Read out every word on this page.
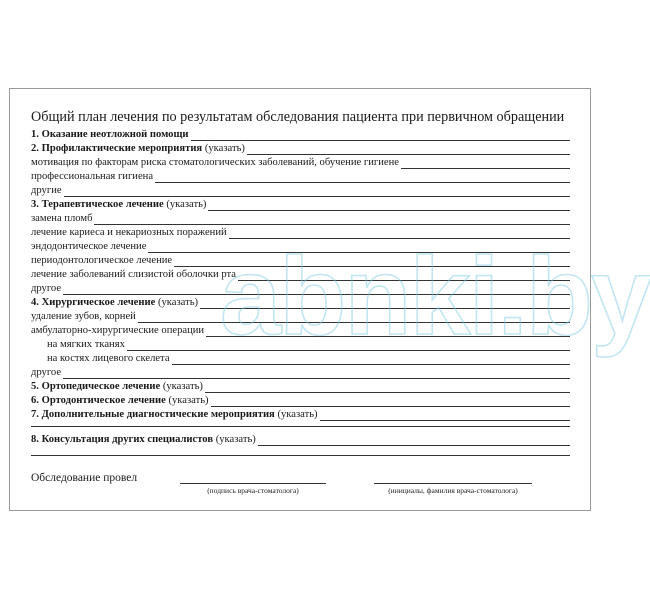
Общий план лечения по результатам обследования пациента при первичном обращении
1. Оказание неотложной помощи
2. Профилактические мероприятия (указать)
мотивация по факторам риска стоматологических заболеваний, обучение гигиене
профессиональная гигиена
другие
3. Терапевтическое лечение (указать)
замена пломб
лечение кариеса и некариозных поражений
эндодонтическое лечение
периодонтологическое лечение
лечение заболеваний слизистой оболочки рта
другое
4. Хирургическое лечение (указать)
удаление зубов, корней
амбулаторно-хирургические операции
на мягких тканях
на костях лицевого скелета
другое
5. Ортопедическое лечение (указать)
6. Ортодонтическое лечение (указать)
7. Дополнительные диагностические мероприятия (указать)
8. Консультация других специалистов (указать)
Обследование провел
(подпись врача-стоматолога)	(инициалы, фамилия врача-стоматолога)
